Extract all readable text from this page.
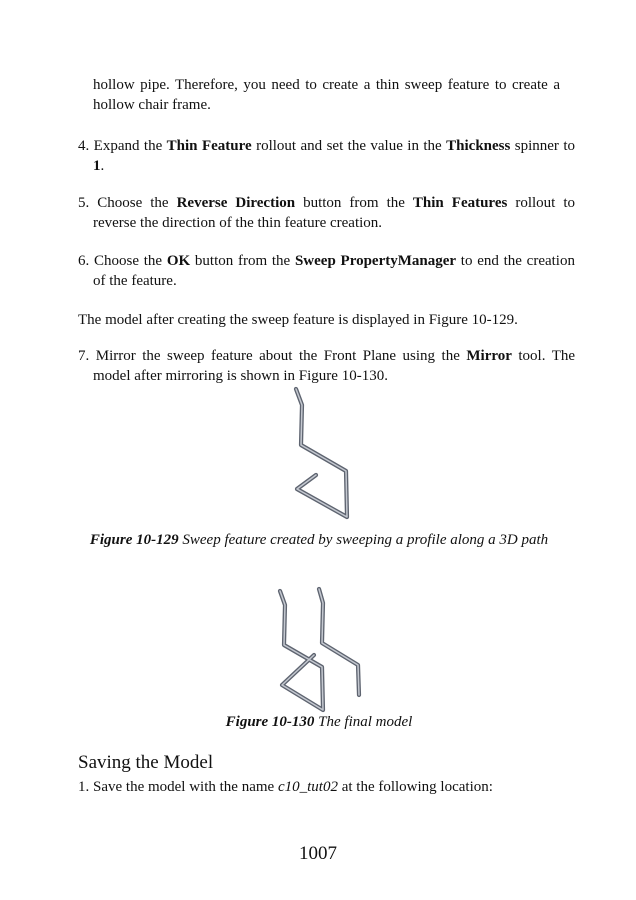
hollow pipe. Therefore, you need to create a thin sweep feature to create a hollow chair frame.
4. Expand the Thin Feature rollout and set the value in the Thickness spinner to 1.
5. Choose the Reverse Direction button from the Thin Features rollout to reverse the direction of the thin feature creation.
6. Choose the OK button from the Sweep PropertyManager to end the creation of the feature.
The model after creating the sweep feature is displayed in Figure 10-129.
7. Mirror the sweep feature about the Front Plane using the Mirror tool. The model after mirroring is shown in Figure 10-130.
Figure 10-129 Sweep feature created by sweeping a profile along a 3D path
Figure 10-130 The final model
Saving the Model
1. Save the model with the name c10_tut02 at the following location:
1007
